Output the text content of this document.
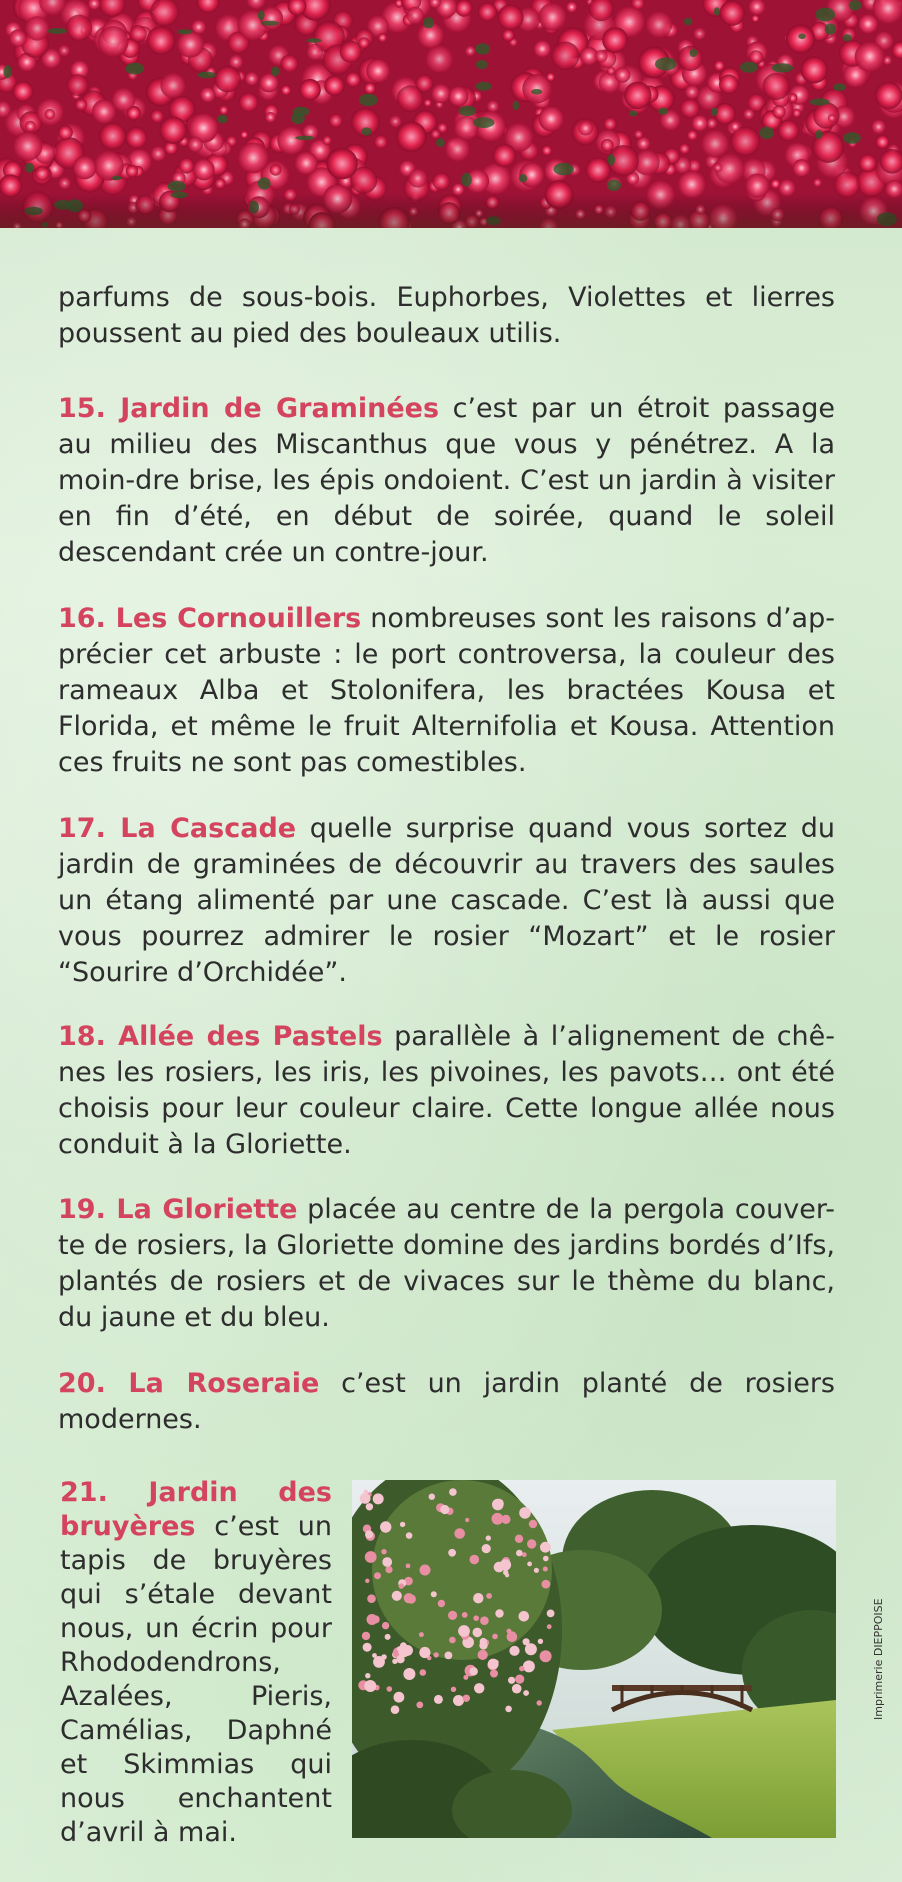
parfums de sous-bois. Euphorbes, Violettes et lierres poussent au pied des bouleaux utilis.
15. Jardin de Graminées c’est par un étroit passage au milieu des Miscanthus que vous y pénétrez. A la moin-dre brise, les épis ondoient. C’est un jardin à visiter en fin d’été, en début de soirée, quand le soleil descendant crée un contre-jour.
16. Les Cornouillers nombreuses sont les raisons d’ap-précier cet arbuste : le port controversa, la couleur des rameaux Alba et Stolonifera, les bractées Kousa et Florida, et même le fruit Alternifolia et Kousa. Attention ces fruits ne sont pas comestibles.
17. La Cascade quelle surprise quand vous sortez du jardin de graminées de découvrir au travers des saules un étang alimenté par une cascade. C’est là aussi que vous pourrez admirer le rosier “Mozart” et le rosier “Sourire d’Orchidée”.
18. Allée des Pastels parallèle à l’alignement de chê-nes les rosiers, les iris, les pivoines, les pavots… ont été choisis pour leur couleur claire. Cette longue allée nous conduit à la Gloriette.
19. La Gloriette placée au centre de la pergola couver-te de rosiers, la Gloriette domine des jardins bordés d’Ifs, plantés de rosiers et de vivaces sur le thème du blanc, du jaune et du bleu.
20. La Roseraie c’est un jardin planté de rosiers modernes.
21. Jardin des bruyères c’est un tapis de bruyères qui s’étale devant nous, un écrin pour Rhododendrons, Azalées, Pieris, Camélias, Daphné et Skimmias qui nous enchantent d’avril à mai.
Imprimerie DIEPPOISE
